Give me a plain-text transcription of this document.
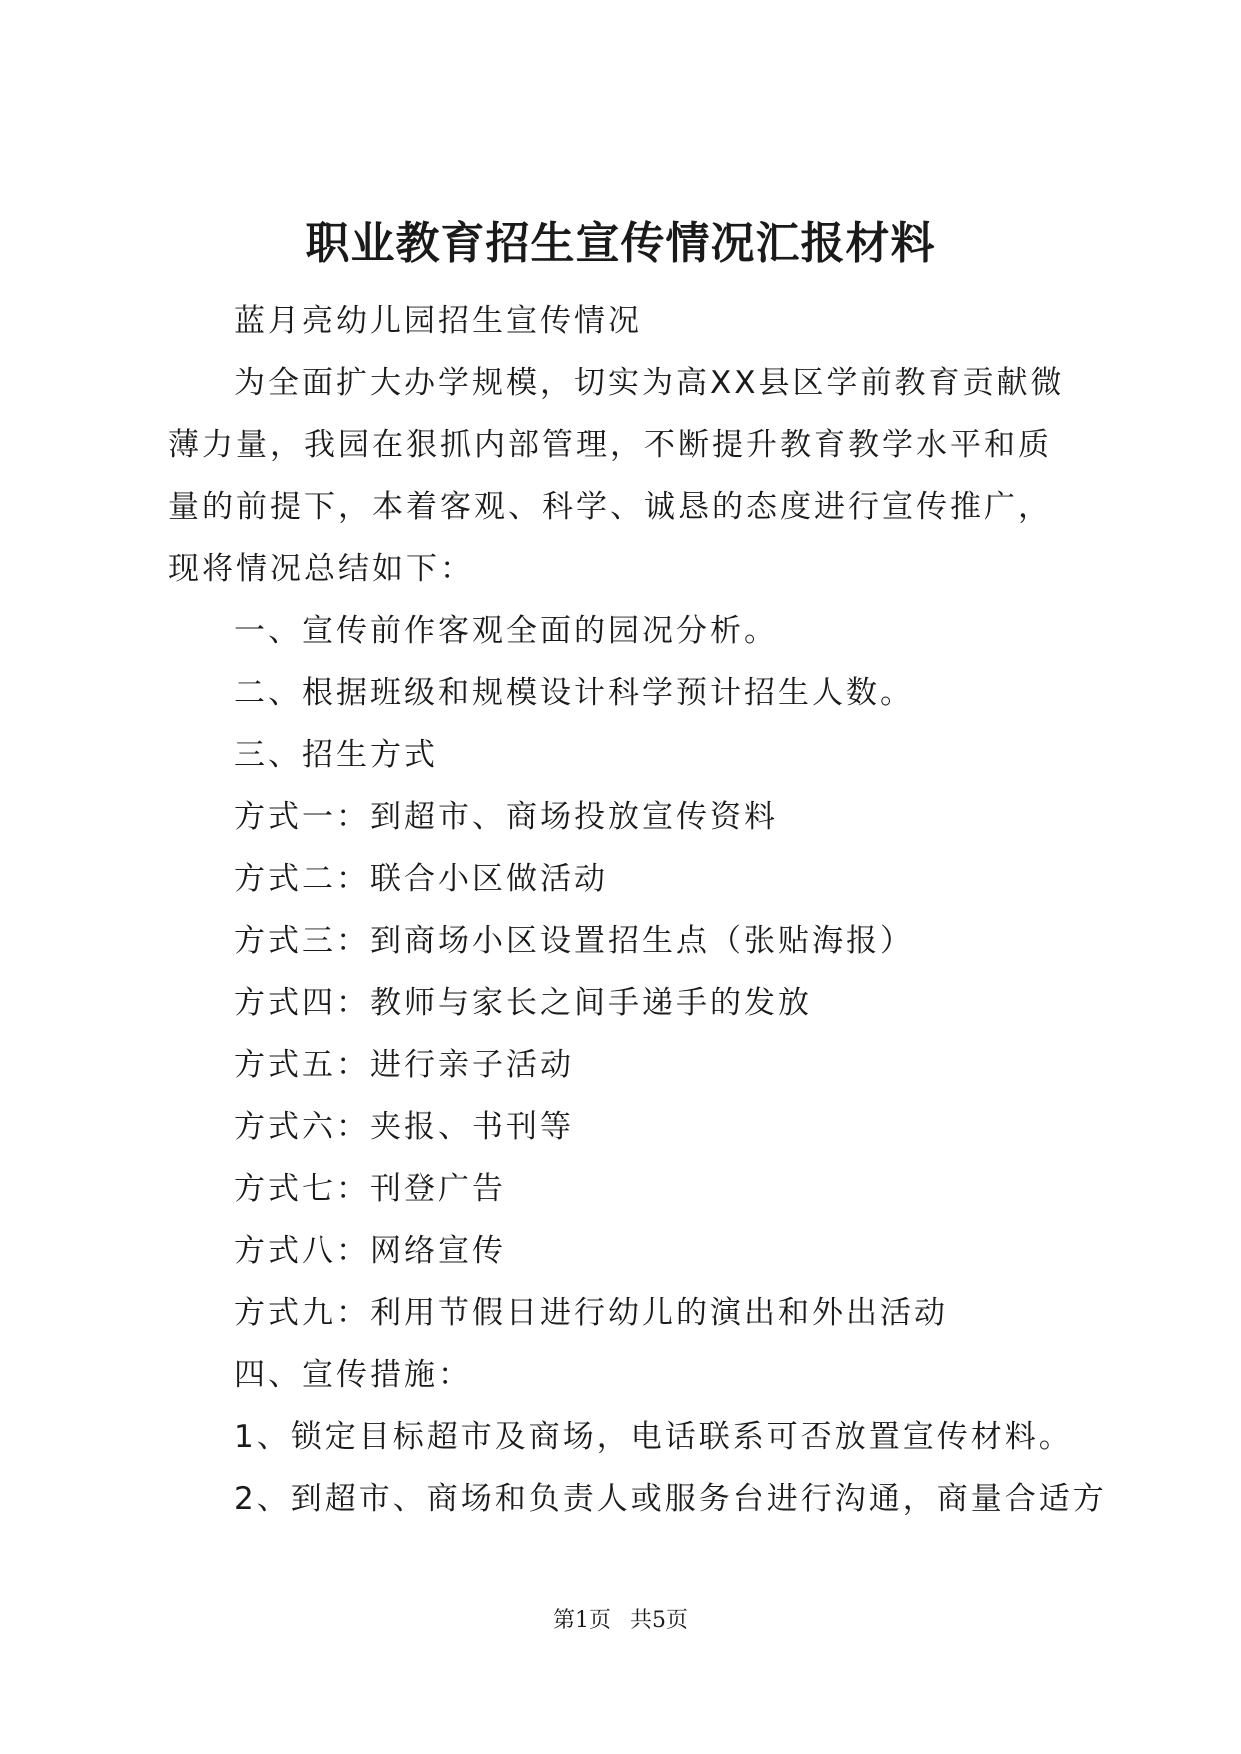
职业教育招生宣传情况汇报材料

蓝月亮幼儿园招生宣传情况

为全面扩大办学规模，切实为高XX县区学前教育贡献微薄力量，我园在狠抓内部管理，不断提升教育教学水平和质量的前提下，本着客观、科学、诚恳的态度进行宣传推广，现将情况总结如下：

一、宣传前作客观全面的园况分析。

二、根据班级和规模设计科学预计招生人数。

三、招生方式

方式一：到超市、商场投放宣传资料

方式二：联合小区做活动

方式三：到商场小区设置招生点（张贴海报）

方式四：教师与家长之间手递手的发放

方式五：进行亲子活动

方式六：夹报、书刊等

方式七：刊登广告

方式八：网络宣传

方式九：利用节假日进行幼儿的演出和外出活动

四、宣传措施：

1、锁定目标超市及商场，电话联系可否放置宣传材料。

2、到超市、商场和负责人或服务台进行沟通，商量合适方

第1页 共5页
